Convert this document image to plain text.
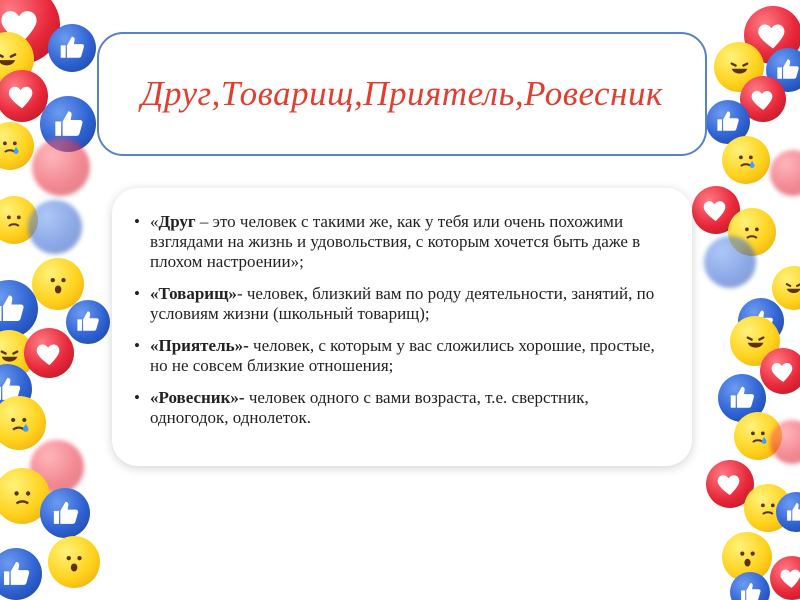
Друг,Товарищ,Приятель,Ровесник
• «Друг – это человек с такими же, как у тебя или очень похожими взглядами на жизнь и удовольствия, с которым хочется быть даже в плохом настроении»;
• «Товарищ»- человек, близкий вам по роду деятельности, занятий, по условиям жизни (школьный товарищ);
• «Приятель»- человек, с которым у вас сложились хорошие, простые, но не совсем близкие отношения;
• «Ровесник»- человек одного с вами возраста, т.е. сверстник, одногодок, однолеток.
